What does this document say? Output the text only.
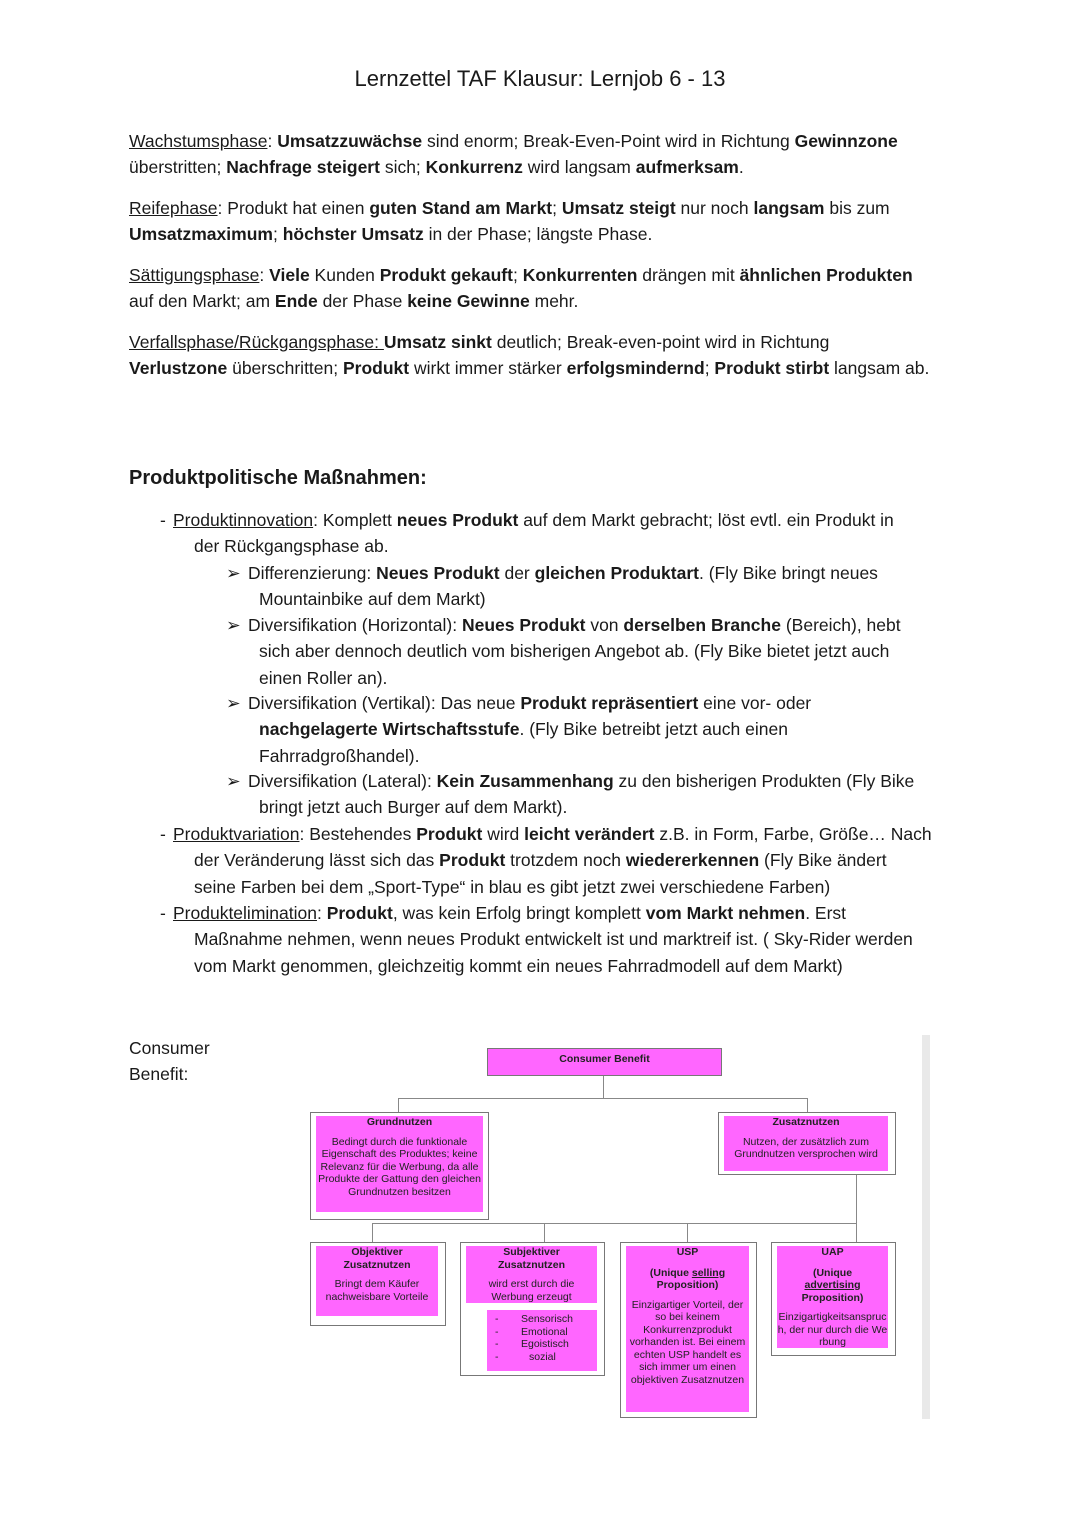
Lernzettel TAF Klausur: Lernjob 6 - 13
Wachstumsphase: Umsatzzuwächse sind enorm; Break-Even-Point wird in Richtung Gewinnzone
überstritten; Nachfrage steigert sich; Konkurrenz wird langsam aufmerksam.
Reifephase: Produkt hat einen guten Stand am Markt; Umsatz steigt nur noch langsam bis zum
Umsatzmaximum; höchster Umsatz in der Phase; längste Phase.
Sättigungsphase: Viele Kunden Produkt gekauft; Konkurrenten drängen mit ähnlichen Produkten
auf den Markt; am Ende der Phase keine Gewinne mehr.
Verfallsphase/Rückgangsphase: Umsatz sinkt deutlich; Break-even-point wird in Richtung
Verlustzone überschritten; Produkt wirkt immer stärker erfolgsmindernd; Produkt stirbt langsam ab.
Produktpolitische Maßnahmen:
- Produktinnovation: Komplett neues Produkt auf dem Markt gebracht; löst evtl. ein Produkt in
der Rückgangsphase ab.
➢ Differenzierung: Neues Produkt der gleichen Produktart. (Fly Bike bringt neues
Mountainbike auf dem Markt)
➢ Diversifikation (Horizontal): Neues Produkt von derselben Branche (Bereich), hebt
sich aber dennoch deutlich vom bisherigen Angebot ab. (Fly Bike bietet jetzt auch
einen Roller an).
➢ Diversifikation (Vertikal): Das neue Produkt repräsentiert eine vor- oder
nachgelagerte Wirtschaftsstufe. (Fly Bike betreibt jetzt auch einen
Fahrradgroßhandel).
➢ Diversifikation (Lateral): Kein Zusammenhang zu den bisherigen Produkten (Fly Bike
bringt jetzt auch Burger auf dem Markt).
- Produktvariation: Bestehendes Produkt wird leicht verändert z.B. in Form, Farbe, Größe… Nach
der Veränderung lässt sich das Produkt trotzdem noch wiedererkennen (Fly Bike ändert
seine Farben bei dem „Sport-Type“ in blau es gibt jetzt zwei verschiedene Farben)
- Produktelimination: Produkt, was kein Erfolg bringt komplett vom Markt nehmen. Erst
Maßnahme nehmen, wenn neues Produkt entwickelt ist und marktreif ist. ( Sky-Rider werden
vom Markt genommen, gleichzeitig kommt ein neues Fahrradmodell auf dem Markt)
Consumer
Benefit:
Consumer Benefit
Grundnutzen
Bedingt durch die funktionale Eigenschaft des Produktes; keine Relevanz für die Werbung, da alle Produkte der Gattung den gleichen Grundnutzen besitzen
Zusatznutzen
Nutzen, der zusätzlich zum Grundnutzen versprochen wird
Objektiver
Zusatznutzen
Bringt dem Käufer nachweisbare Vorteile
Subjektiver
Zusatznutzen
wird erst durch die Werbung erzeugt
- Sensorisch
- Emotional
- Egoistisch
-	sozial
USP
(Unique selling
Proposition)
Einzigartiger Vorteil, der so bei keinem Konkurrenzprodukt vorhanden ist. Bei einem echten USP handelt es sich immer um einen objektiven Zusatznutzen
UAP
(Unique
advertising
Proposition)
Einzigartigkeitsanspruch, der nur durch die Werbung
